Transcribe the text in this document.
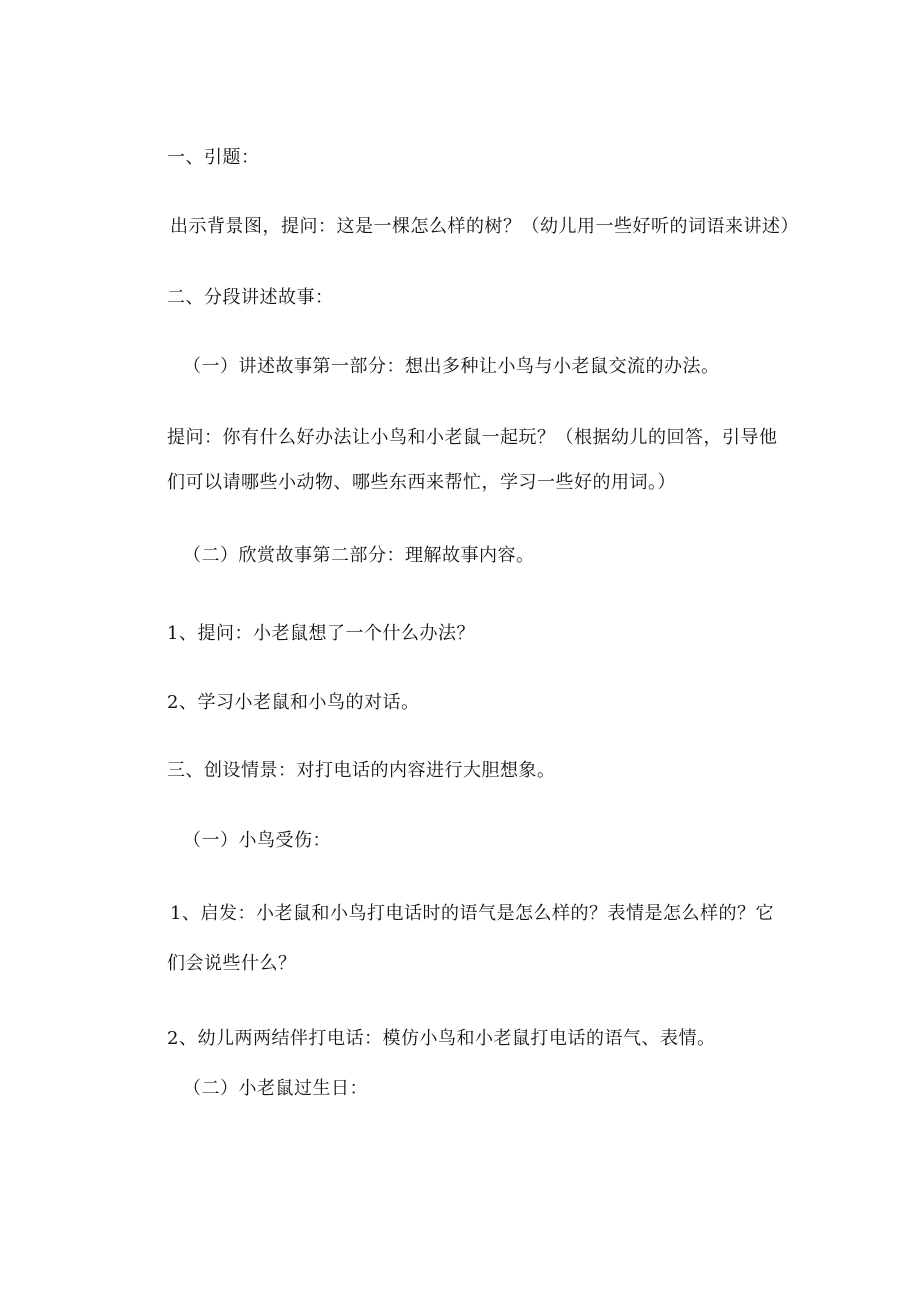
一、引题：
出示背景图，提问：这是一棵怎么样的树？（幼儿用一些好听的词语来讲述）
二、分段讲述故事：
（一）讲述故事第一部分：想出多种让小鸟与小老鼠交流的办法。
提问：你有什么好办法让小鸟和小老鼠一起玩？（根据幼儿的回答，引导他
们可以请哪些小动物、哪些东西来帮忙，学习一些好的用词。）
（二）欣赏故事第二部分：理解故事内容。
1、提问：小老鼠想了一个什么办法？
2、学习小老鼠和小鸟的对话。
三、创设情景：对打电话的内容进行大胆想象。
（一）小鸟受伤：
1、启发：小老鼠和小鸟打电话时的语气是怎么样的？表情是怎么样的？它
们会说些什么？
2、幼儿两两结伴打电话：模仿小鸟和小老鼠打电话的语气、表情。
（二）小老鼠过生日：
